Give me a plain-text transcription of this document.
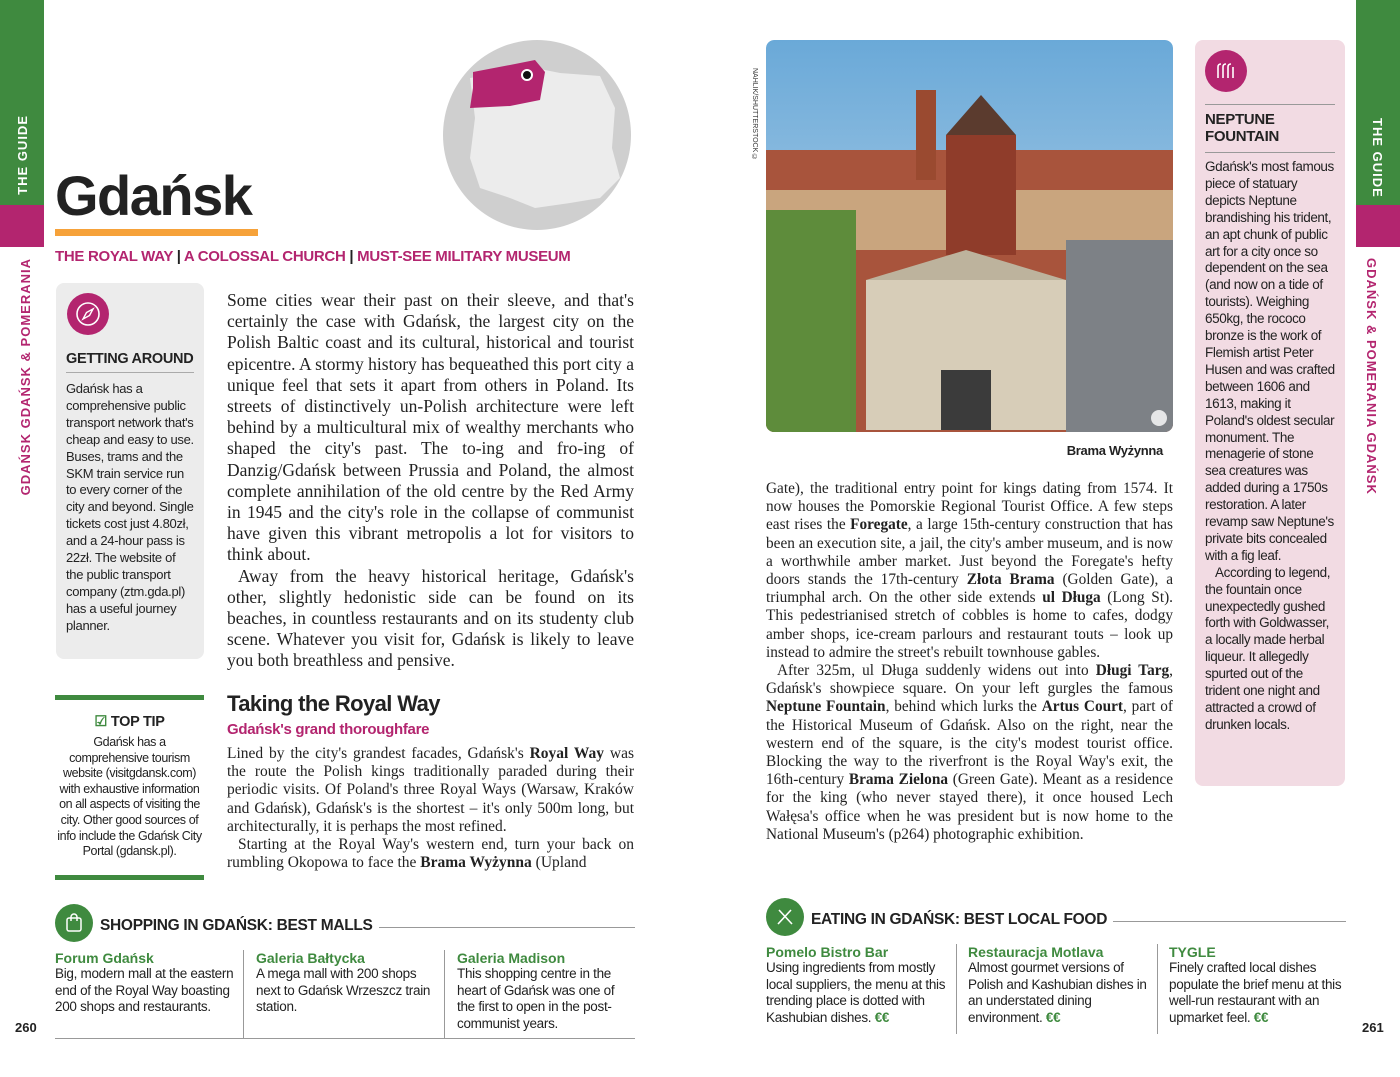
THE GUIDE
GDAŃSK GDAŃSK & POMERANIA
260
Gdańsk
THE ROYAL WAY | A COLOSSAL CHURCH | MUST-SEE MILITARY MUSEUM
GETTING AROUND
Gdańsk has a comprehensive public transport network that's cheap and easy to use. Buses, trams and the SKM train service run to every corner of the city and beyond. Single tickets cost just 4.80zł, and a 24-hour pass is 22zł. The website of the public transport company (ztm.gda.pl) has a useful journey planner.

Some cities wear their past on their sleeve, and that's certainly the case with Gdańsk, the largest city on the Polish Baltic coast and its cultural, historical and tourist epicentre. A stormy history has bequeathed this port city a unique feel that sets it apart from others in Poland. Its streets of distinctively un-Polish architecture were left behind by a multicultural mix of wealthy merchants who shaped the city's past. The to-ing and fro-ing of Danzig/Gdańsk between Prussia and Poland, the almost complete annihilation of the old centre by the Red Army in 1945 and the city's role in the collapse of communist have given this vibrant metropolis a lot for visitors to think about.

Away from the heavy historical heritage, Gdańsk's other, slightly hedonistic side can be found on its beaches, in countless restaurants and on its studenty club scene. Whatever you visit for, Gdańsk is likely to leave you both breathless and pensive.

☑ TOP TIP
Gdańsk has a comprehensive tourism website (visitgdansk.com) with exhaustive information on all aspects of visiting the city. Other good sources of info include the Gdańsk City Portal (gdansk.pl).
Taking the Royal Way
Gdańsk's grand thoroughfare

Lined by the city's grandest facades, Gdańsk's Royal Way was the route the Polish kings traditionally paraded during their periodic visits. Of Poland's three Royal Ways (Warsaw, Kraków and Gdańsk), Gdańsk's is the shortest – it's only 500m long, but architecturally, it is perhaps the most refined.

Starting at the Royal Way's western end, turn your back on rumbling Okopowa to face the Brama Wyżynna (Upland

SHOPPING IN GDAŃSK: BEST MALLS
Forum Gdańsk

Big, modern mall at the eastern end of the Royal Way boasting 200 shops and restaurants.

Galeria Bałtycka

A mega mall with 200 shops next to Gdańsk Wrzeszcz train station.

Galeria Madison

This shopping centre in the heart of Gdańsk was one of the first to open in the post-communist years.

THE GUIDE
GDAŃSK & POMERANIA GDAŃSK
261
NAHLIK/SHUTTERSTOCK ©
Brama Wyżynna

Gate), the traditional entry point for kings dating from 1574. It now houses the Pomorskie Regional Tourist Office. A few steps east rises the Foregate, a large 15th-century construction that has been an execution site, a jail, the city's amber museum, and is now a worthwhile amber market. Just beyond the Foregate's hefty doors stands the 17th-century Złota Brama (Golden Gate), a triumphal arch. On the other side extends ul Długa (Long St). This pedestrianised stretch of cobbles is home to cafes, dodgy amber shops, ice-cream parlours and restaurant touts – look up instead to admire the street's rebuilt townhouse gables.

After 325m, ul Długa suddenly widens out into Długi Targ, Gdańsk's showpiece square. On your left gurgles the famous Neptune Fountain, behind which lurks the Artus Court, part of the Historical Museum of Gdańsk. Also on the right, near the western end of the square, is the city's modest tourist office. Blocking the way to the riverfront is the Royal Way's exit, the 16th-century Brama Zielona (Green Gate). Meant as a residence for the king (who never stayed there), it once housed Lech Wałęsa's office when he was president but is now home to the National Museum's (p264) photographic exhibition.

NEPTUNE FOUNTAIN

Gdańsk's most famous piece of statuary depicts Neptune brandishing his trident, an apt chunk of public art for a city once so dependent on the sea (and now on a tide of tourists). Weighing 650kg, the rococo bronze is the work of Flemish artist Peter Husen and was crafted between 1606 and 1613, making it Poland's oldest secular monument. The menagerie of stone sea creatures was added during a 1750s restoration. A later revamp saw Neptune's private bits concealed with a fig leaf.

According to legend, the fountain once unexpectedly gushed forth with Goldwasser, a locally made herbal liqueur. It allegedly spurted out of the trident one night and attracted a crowd of drunken locals.

EATING IN GDAŃSK: BEST LOCAL FOOD
Pomelo Bistro Bar

Using ingredients from mostly local suppliers, the menu at this trending place is dotted with Kashubian dishes. €€

Restauracja Motlava

Almost gourmet versions of Polish and Kashubian dishes in an understated dining environment. €€

TYGLE

Finely crafted local dishes populate the brief menu at this well-run restaurant with an upmarket feel. €€
